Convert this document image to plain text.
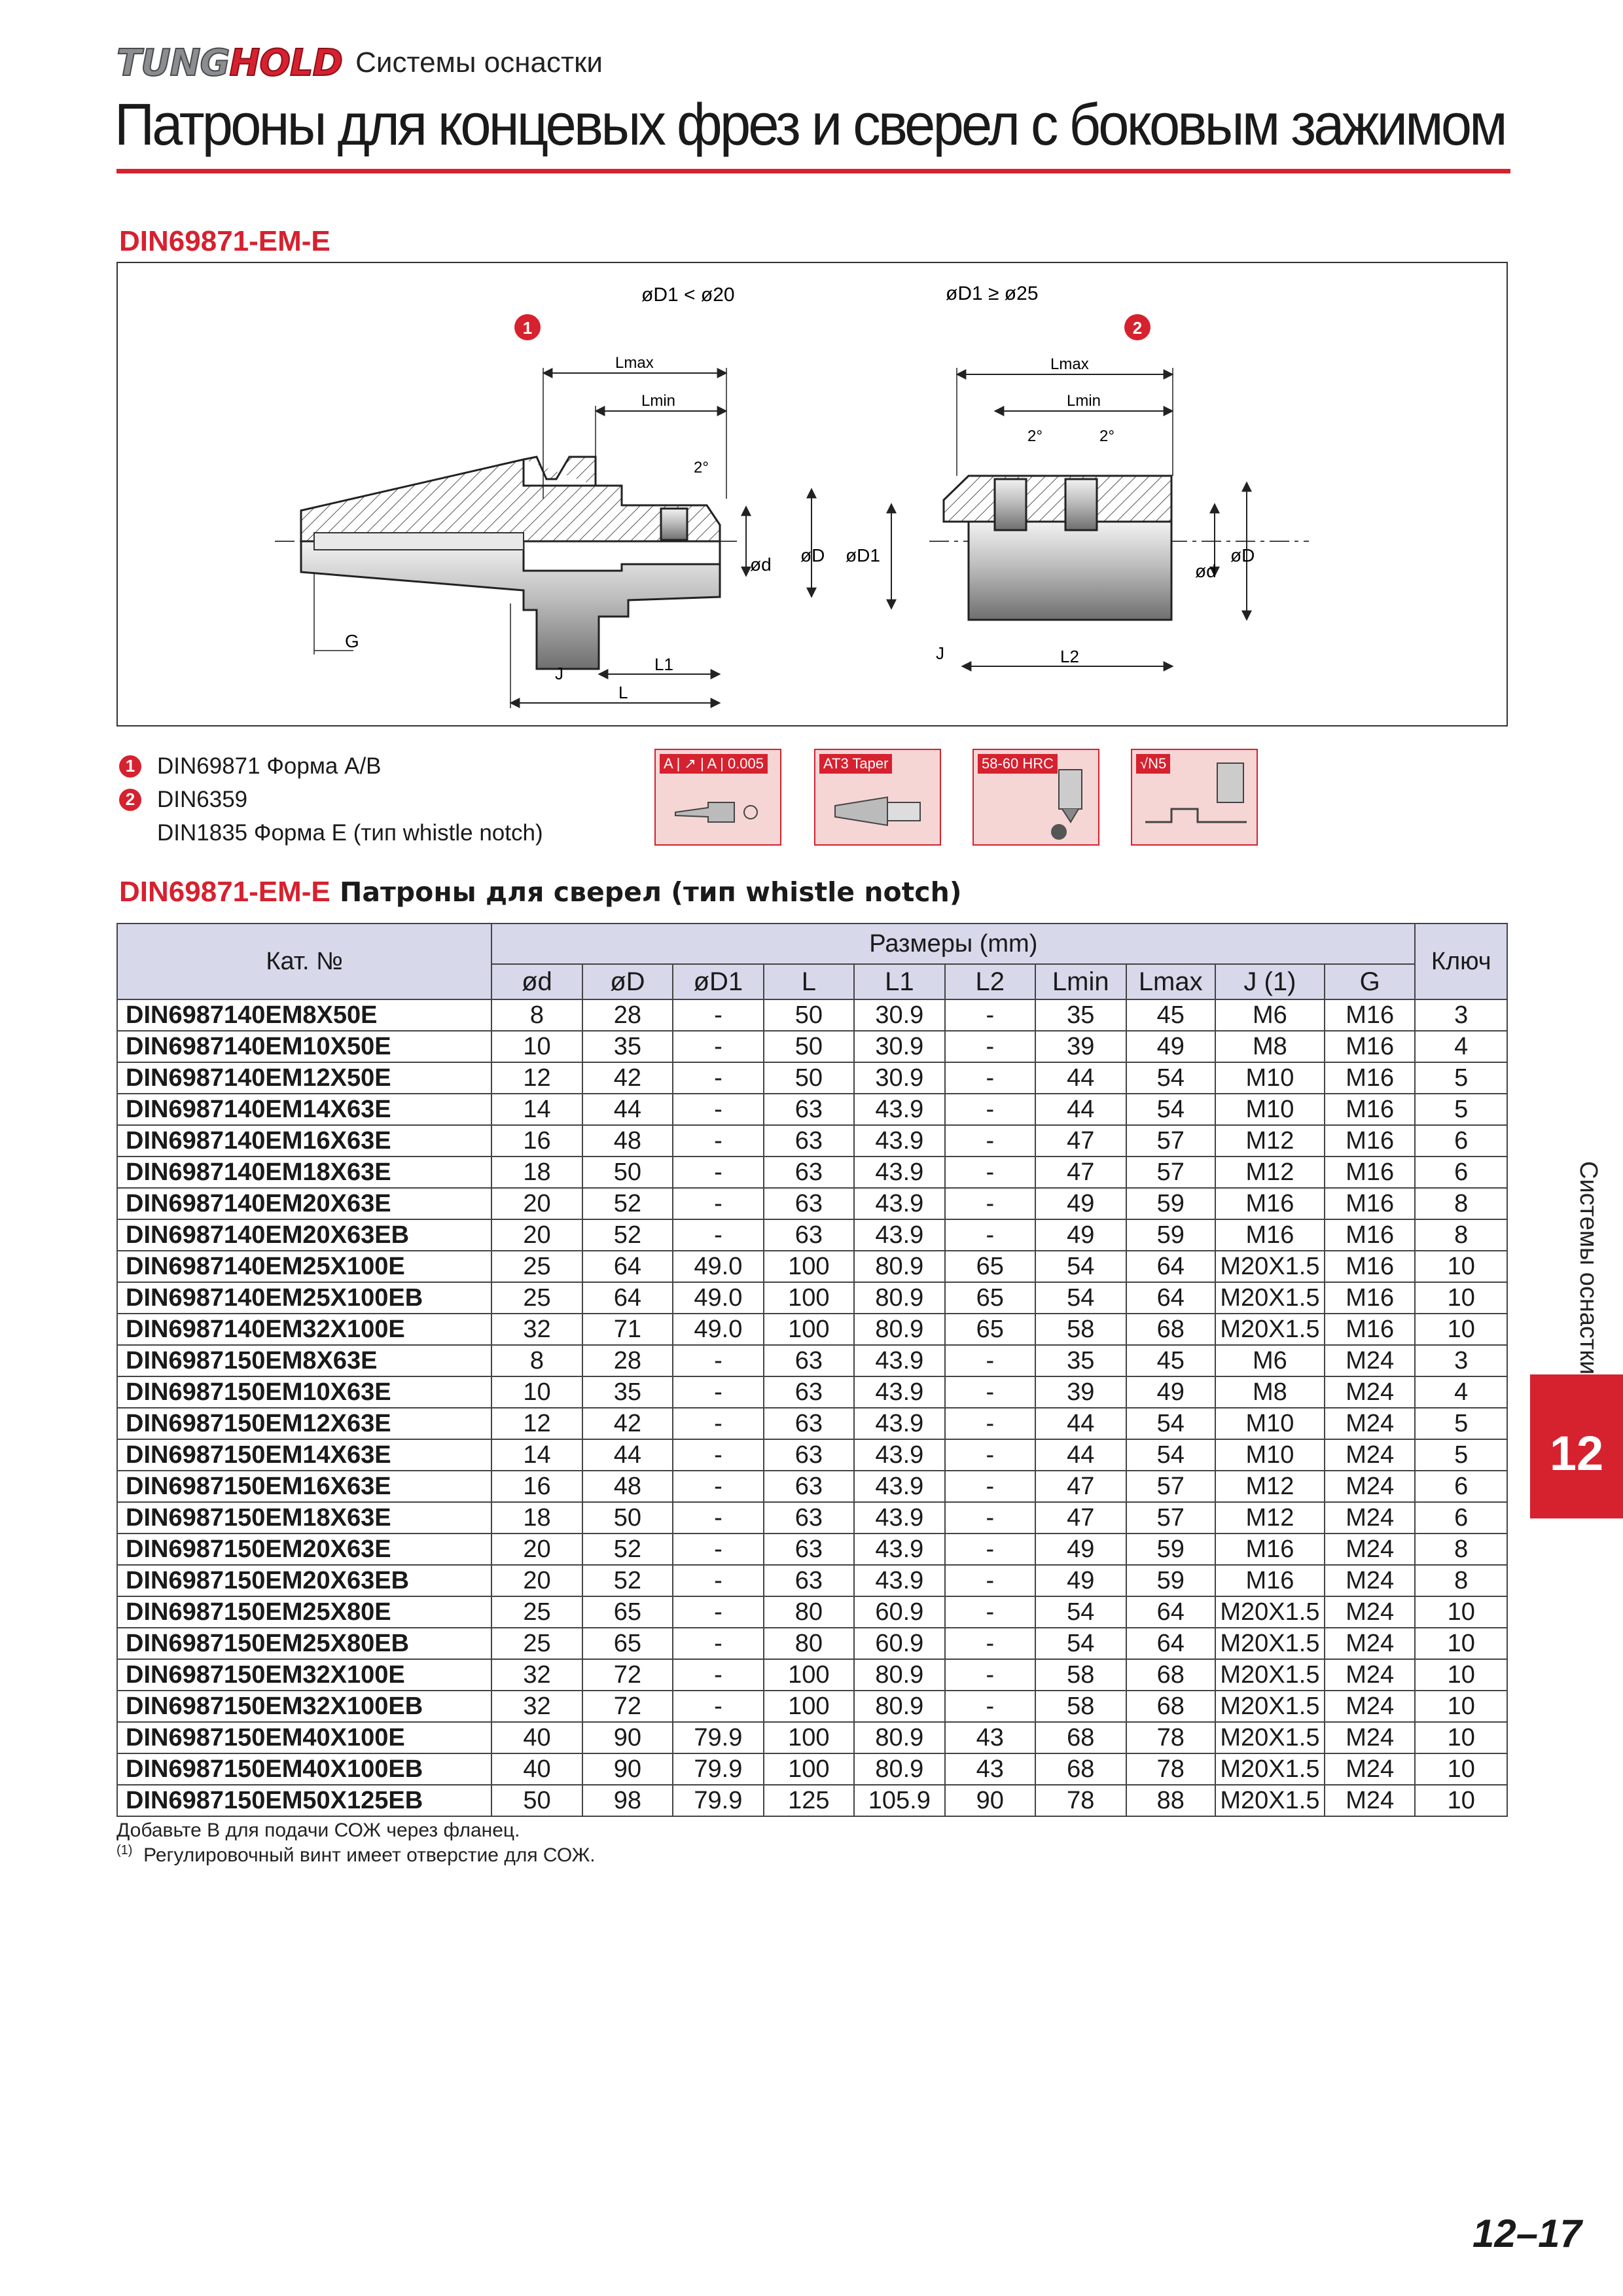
TUNG HOLD Системы оснастки
Патроны для концевых фрез и сверел с боковым зажимом
DIN69871-EM-E
øD1 < ø20	øD1 ≥ ø25
1	2
Lmax
Lmin
2°
ød øD
G
J	L1
L
Lmax
Lmin
2°	2°
øD1
ød
øD
J	L2
1 DIN69871 Форма A/B
2 DIN6359
DIN1835 Форма E (тип whistle notch)
A | ↗ | A | 0.005	AT3 Taper	58-60 HRC	√N5
DIN69871-EM-E Патроны для сверел (тип whistle notch)
Кат. №	Размеры (mm)										Ключ
	ød	øD	øD1	L	L1	L2	Lmin	Lmax	J (1)	G	
DIN6987140EM8X50E	8	28	-	50	30.9	-	35	45	M6	M16	3
DIN6987140EM10X50E	10	35	-	50	30.9	-	39	49	M8	M16	4
DIN6987140EM12X50E	12	42	-	50	30.9	-	44	54	M10	M16	5
DIN6987140EM14X63E	14	44	-	63	43.9	-	44	54	M10	M16	5
DIN6987140EM16X63E	16	48	-	63	43.9	-	47	57	M12	M16	6
DIN6987140EM18X63E	18	50	-	63	43.9	-	47	57	M12	M16	6
DIN6987140EM20X63E	20	52	-	63	43.9	-	49	59	M16	M16	8
DIN6987140EM20X63EB	20	52	-	63	43.9	-	49	59	M16	M16	8
DIN6987140EM25X100E	25	64	49.0	100	80.9	65	54	64	M20X1.5	M16	10
DIN6987140EM25X100EB	25	64	49.0	100	80.9	65	54	64	M20X1.5	M16	10
DIN6987140EM32X100E	32	71	49.0	100	80.9	65	58	68	M20X1.5	M16	10
DIN6987150EM8X63E	8	28	-	63	43.9	-	35	45	M6	M24	3
DIN6987150EM10X63E	10	35	-	63	43.9	-	39	49	M8	M24	4
DIN6987150EM12X63E	12	42	-	63	43.9	-	44	54	M10	M24	5
DIN6987150EM14X63E	14	44	-	63	43.9	-	44	54	M10	M24	5
DIN6987150EM16X63E	16	48	-	63	43.9	-	47	57	M12	M24	6
DIN6987150EM18X63E	18	50	-	63	43.9	-	47	57	M12	M24	6
DIN6987150EM20X63E	20	52	-	63	43.9	-	49	59	M16	M24	8
DIN6987150EM20X63EB	20	52	-	63	43.9	-	49	59	M16	M24	8
DIN6987150EM25X80E	25	65	-	80	60.9	-	54	64	M20X1.5	M24	10
DIN6987150EM25X80EB	25	65	-	80	60.9	-	54	64	M20X1.5	M24	10
DIN6987150EM32X100E	32	72	-	100	80.9	-	58	68	M20X1.5	M24	10
DIN6987150EM32X100EB	32	72	-	100	80.9	-	58	68	M20X1.5	M24	10
DIN6987150EM40X100E	40	90	79.9	100	80.9	43	68	78	M20X1.5	M24	10
DIN6987150EM40X100EB	40	90	79.9	100	80.9	43	68	78	M20X1.5	M24	10
DIN6987150EM50X125EB	50	98	79.9	125	105.9	90	78	88	M20X1.5	M24	10
Добавьте B для подачи СОЖ через фланец.
$^{(1)}$ Регулировочный винт имеет отверстие для СОЖ.
Системы оснастки
12
12–17
